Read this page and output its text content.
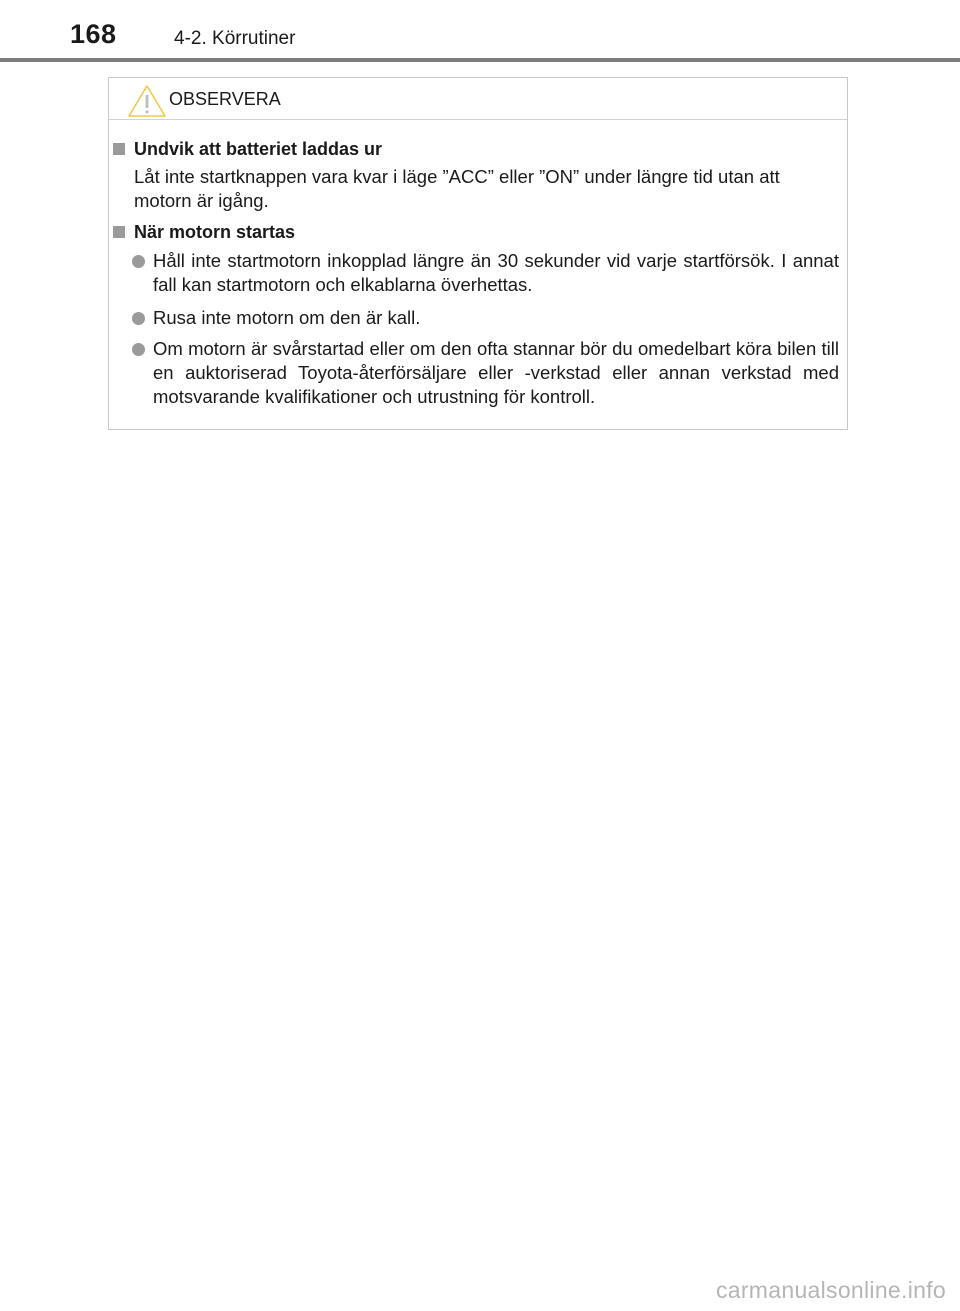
168	4-2. Körrutiner
OBSERVERA
Undvik att batteriet laddas ur
Låt inte startknappen vara kvar i läge ”ACC” eller ”ON” under längre tid utan att motorn är igång.
När motorn startas
Håll inte startmotorn inkopplad längre än 30 sekunder vid varje startförsök. I annat fall kan startmotorn och elkablarna överhettas.
Rusa inte motorn om den är kall.
Om motorn är svårstartad eller om den ofta stannar bör du omedelbart köra bilen till en auktoriserad Toyota-återförsäljare eller -verkstad eller annan verkstad med motsvarande kvalifikationer och utrustning för kontroll.
carmanualsonline.info
